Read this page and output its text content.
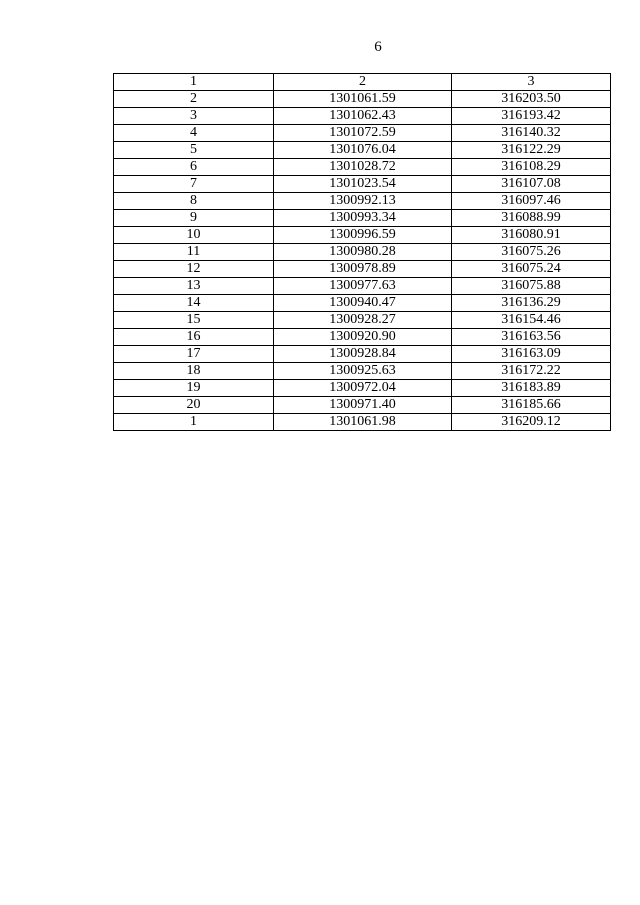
6
1	2	3
2	1301061.59	316203.50
3	1301062.43	316193.42
4	1301072.59	316140.32
5	1301076.04	316122.29
6	1301028.72	316108.29
7	1301023.54	316107.08
8	1300992.13	316097.46
9	1300993.34	316088.99
10	1300996.59	316080.91
11	1300980.28	316075.26
12	1300978.89	316075.24
13	1300977.63	316075.88
14	1300940.47	316136.29
15	1300928.27	316154.46
16	1300920.90	316163.56
17	1300928.84	316163.09
18	1300925.63	316172.22
19	1300972.04	316183.89
20	1300971.40	316185.66
1	1301061.98	316209.12
